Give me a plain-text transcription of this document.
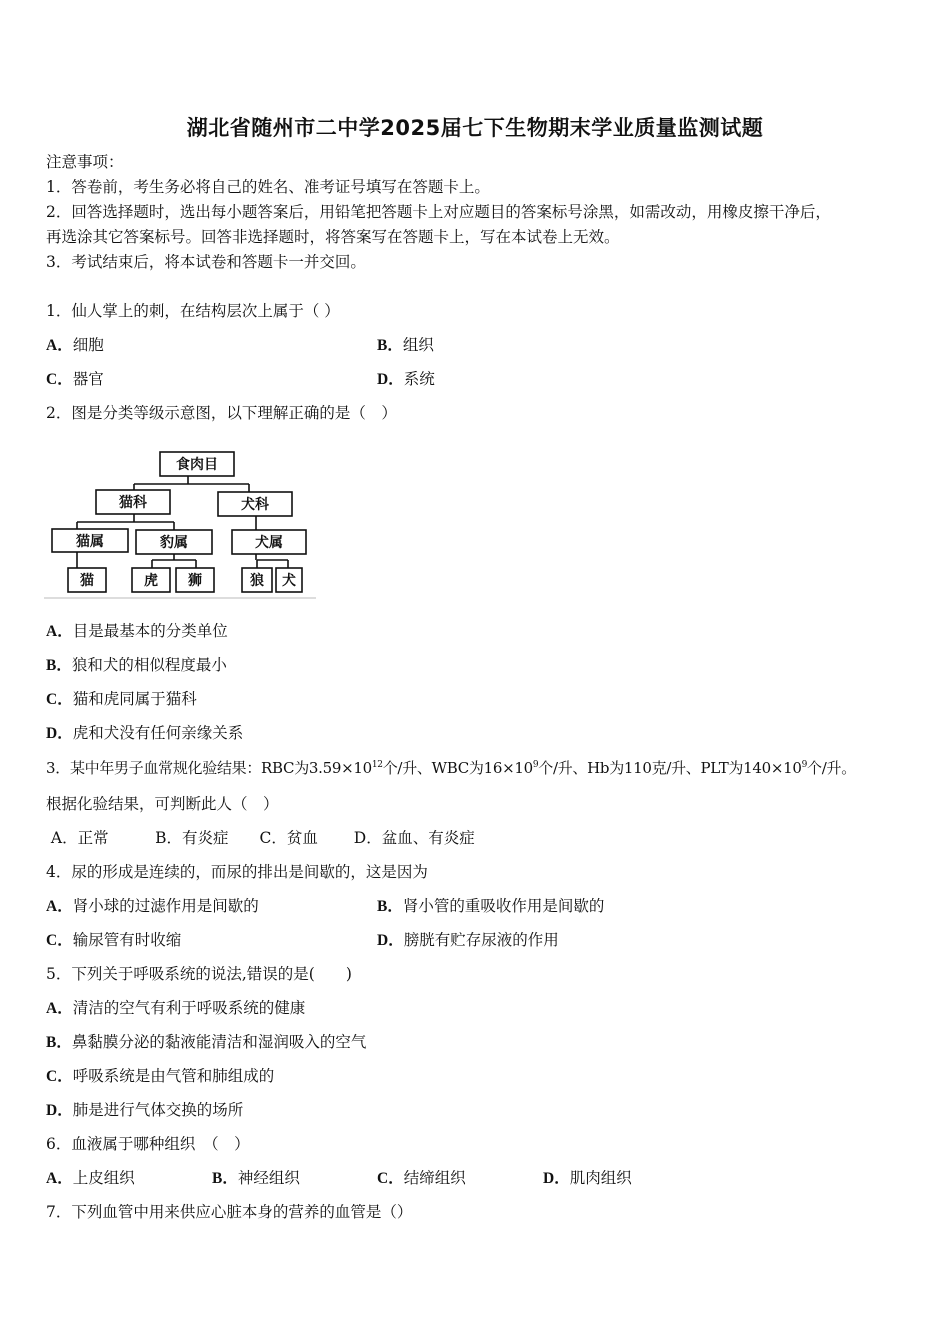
湖北省随州市二中学2025届七下生物期末学业质量监测试题
注意事项：
1．答卷前，考生务必将自己的姓名、准考证号填写在答题卡上。
2．回答选择题时，选出每小题答案后，用铅笔把答题卡上对应题目的答案标号涂黑，如需改动，用橡皮擦干净后，
再选涂其它答案标号。回答非选择题时，将答案写在答题卡上，写在本试卷上无效。
3．考试结束后，将本试卷和答题卡一并交回。
1．仙人掌上的刺，在结构层次上属于（ ）
A．细胞	B．组织
C．器官	D．系统
2．图是分类等级示意图，以下理解正确的是（　）
食肉目
猫科	犬科
猫属	豹属	犬属
猫	虎 狮	狼 犬
A．目是最基本的分类单位
B．狼和犬的相似程度最小
C．猫和虎同属于猫科
D．虎和犬没有任何亲缘关系
3．某中年男子血常规化验结果：RBC为$3.59\times 10^{12}$个/升、WBC为$16\times 10^9$个/升、Hb为110克/升、PLT为$140\times 10^9$个/升。
根据化验结果，可判断此人（　）
A．正常　　　B．有炎症　　C．贫血　　 D．盆血、有炎症
4．尿的形成是连续的，而尿的排出是间歇的，这是因为
A．肾小球的过滤作用是间歇的	B．肾小管的重吸收作用是间歇的
C．输尿管有时收缩	D．膀胱有贮存尿液的作用
5．下列关于呼吸系统的说法,错误的是(　　)
A．清洁的空气有利于呼吸系统的健康
B．鼻黏膜分泌的黏液能清洁和湿润吸入的空气
C．呼吸系统是由气管和肺组成的
D．肺是进行气体交换的场所
6．血液属于哪种组织　（　）
A．上皮组织	B．神经组织	C．结缔组织	D．肌肉组织
7．下列血管中用来供应心脏本身的营养的血管是（）
